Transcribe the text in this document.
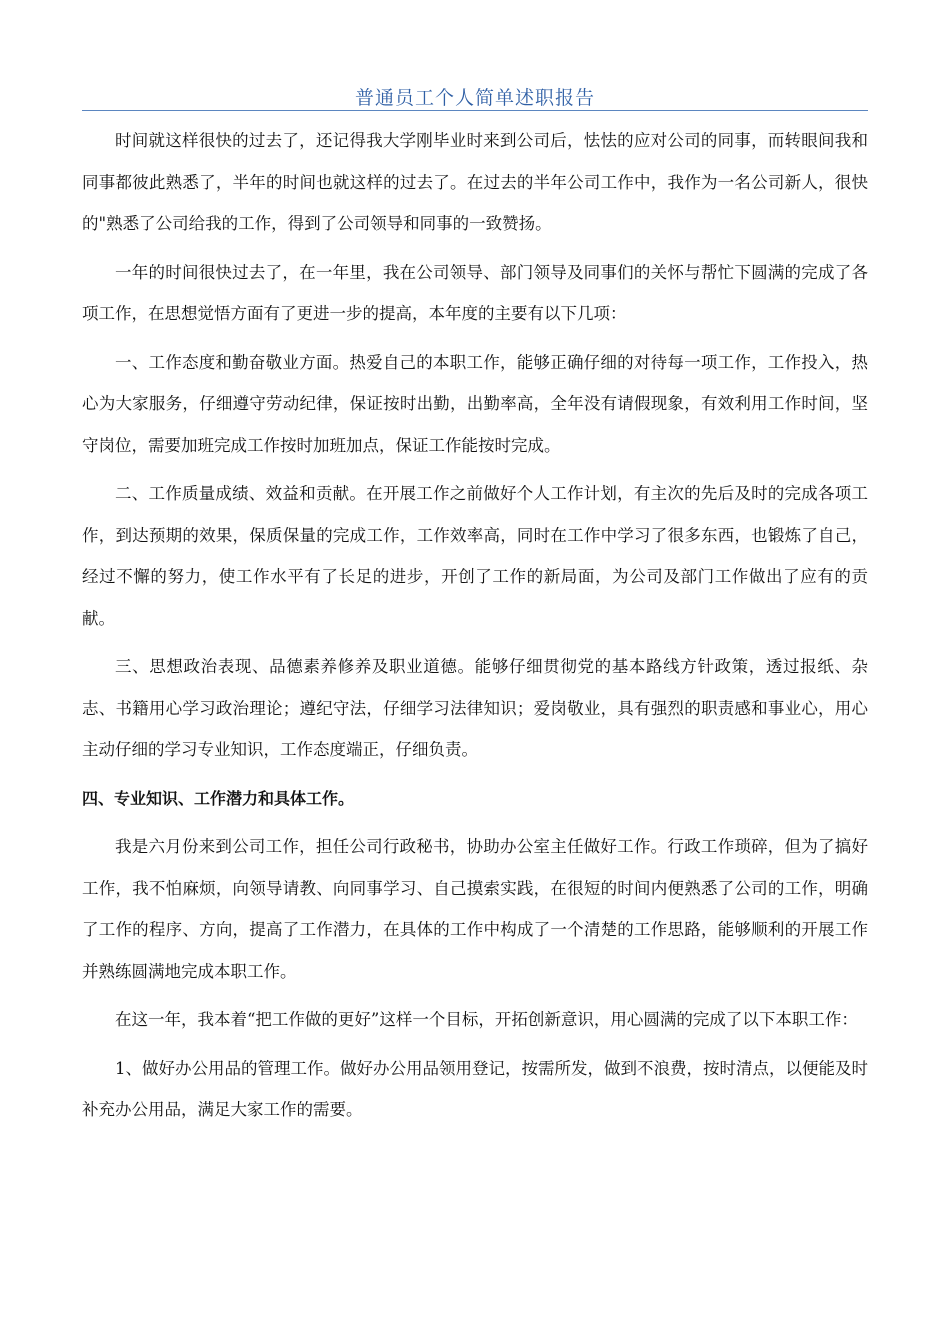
普通员工个人简单述职报告

时间就这样很快的过去了，还记得我大学刚毕业时来到公司后，怯怯的应对公司的同事，而转眼间我和同事都彼此熟悉了，半年的时间也就这样的过去了。在过去的半年公司工作中，我作为一名公司新人，很快的"熟悉了公司给我的工作，得到了公司领导和同事的一致赞扬。

一年的时间很快过去了，在一年里，我在公司领导、部门领导及同事们的关怀与帮忙下圆满的完成了各项工作，在思想觉悟方面有了更进一步的提高，本年度的主要有以下几项：

一、工作态度和勤奋敬业方面。热爱自己的本职工作，能够正确仔细的对待每一项工作，工作投入，热心为大家服务，仔细遵守劳动纪律，保证按时出勤，出勤率高，全年没有请假现象，有效利用工作时间，坚守岗位，需要加班完成工作按时加班加点，保证工作能按时完成。

二、工作质量成绩、效益和贡献。在开展工作之前做好个人工作计划，有主次的先后及时的完成各项工作，到达预期的效果，保质保量的完成工作，工作效率高，同时在工作中学习了很多东西，也锻炼了自己，经过不懈的努力，使工作水平有了长足的进步，开创了工作的新局面，为公司及部门工作做出了应有的贡献。

三、思想政治表现、品德素养修养及职业道德。能够仔细贯彻党的基本路线方针政策，透过报纸、杂志、书籍用心学习政治理论；遵纪守法，仔细学习法律知识；爱岗敬业，具有强烈的职责感和事业心，用心主动仔细的学习专业知识，工作态度端正，仔细负责。

四、专业知识、工作潜力和具体工作。

我是六月份来到公司工作，担任公司行政秘书，协助办公室主任做好工作。行政工作琐碎，但为了搞好工作，我不怕麻烦，向领导请教、向同事学习、自己摸索实践，在很短的时间内便熟悉了公司的工作，明确了工作的程序、方向，提高了工作潜力，在具体的工作中构成了一个清楚的工作思路，能够顺利的开展工作并熟练圆满地完成本职工作。

在这一年，我本着“把工作做的更好”这样一个目标，开拓创新意识，用心圆满的完成了以下本职工作：

1、做好办公用品的管理工作。做好办公用品领用登记，按需所发，做到不浪费，按时清点，以便能及时补充办公用品，满足大家工作的需要。
